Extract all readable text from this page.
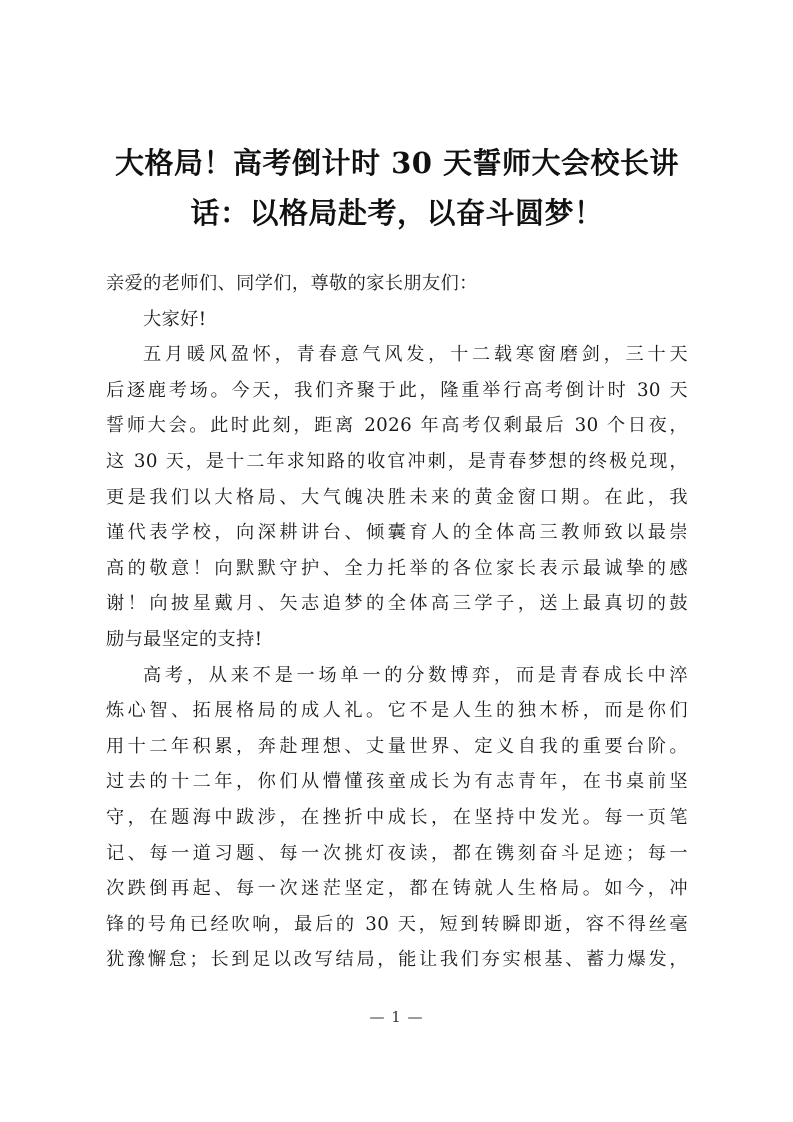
大格局！高考倒计时 30 天誓师大会校长讲
话：以格局赴考，以奋斗圆梦！
亲爱的老师们、同学们，尊敬的家长朋友们：
大家好!
五月暖风盈怀，青春意气风发，十二载寒窗磨剑，三十天
后逐鹿考场。今天，我们齐聚于此，隆重举行高考倒计时 30 天
誓师大会。此时此刻，距离 2026 年高考仅剩最后 30 个日夜，
这 30 天，是十二年求知路的收官冲刺，是青春梦想的终极兑现，
更是我们以大格局、大气魄决胜未来的黄金窗口期。在此，我
谨代表学校，向深耕讲台、倾囊育人的全体高三教师致以最崇
高的敬意！向默默守护、全力托举的各位家长表示最诚挚的感
谢！向披星戴月、矢志追梦的全体高三学子，送上最真切的鼓
励与最坚定的支持!
高考，从来不是一场单一的分数博弈，而是青春成长中淬
炼心智、拓展格局的成人礼。它不是人生的独木桥，而是你们
用十二年积累，奔赴理想、丈量世界、定义自我的重要台阶。
过去的十二年，你们从懵懂孩童成长为有志青年，在书桌前坚
守，在题海中跋涉，在挫折中成长，在坚持中发光。每一页笔
记、每一道习题、每一次挑灯夜读，都在镌刻奋斗足迹；每一
次跌倒再起、每一次迷茫坚定，都在铸就人生格局。如今，冲
锋的号角已经吹响，最后的 30 天，短到转瞬即逝，容不得丝毫
犹豫懈怠；长到足以改写结局，能让我们夯实根基、蓄力爆发，
— 1 —
